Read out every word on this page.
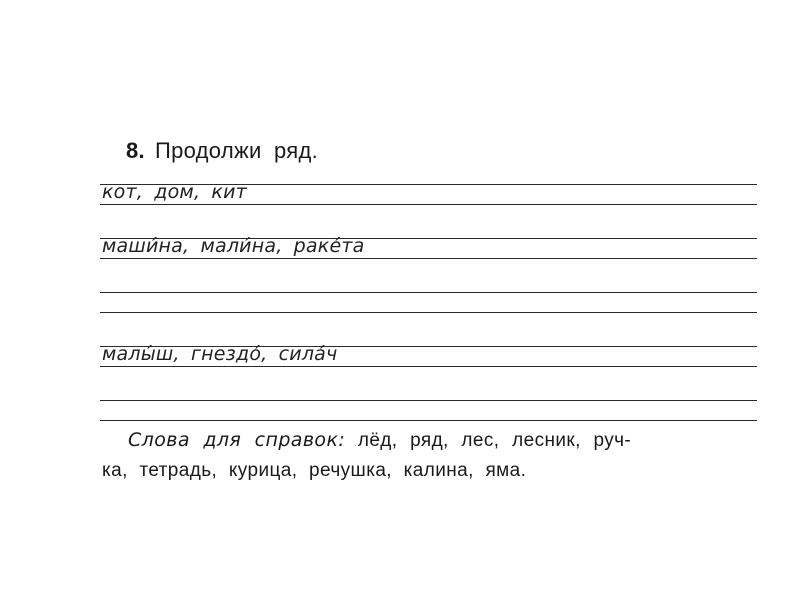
8. Продолжи ряд.
кот, дом, кит
маши́на, мали́на, раке́та
малы́ш, гнездо́, сила́ч
Слова для справок: лёд, ряд, лес, лесник, руч-
ка, тетрадь, курица, речушка, калина, яма.
